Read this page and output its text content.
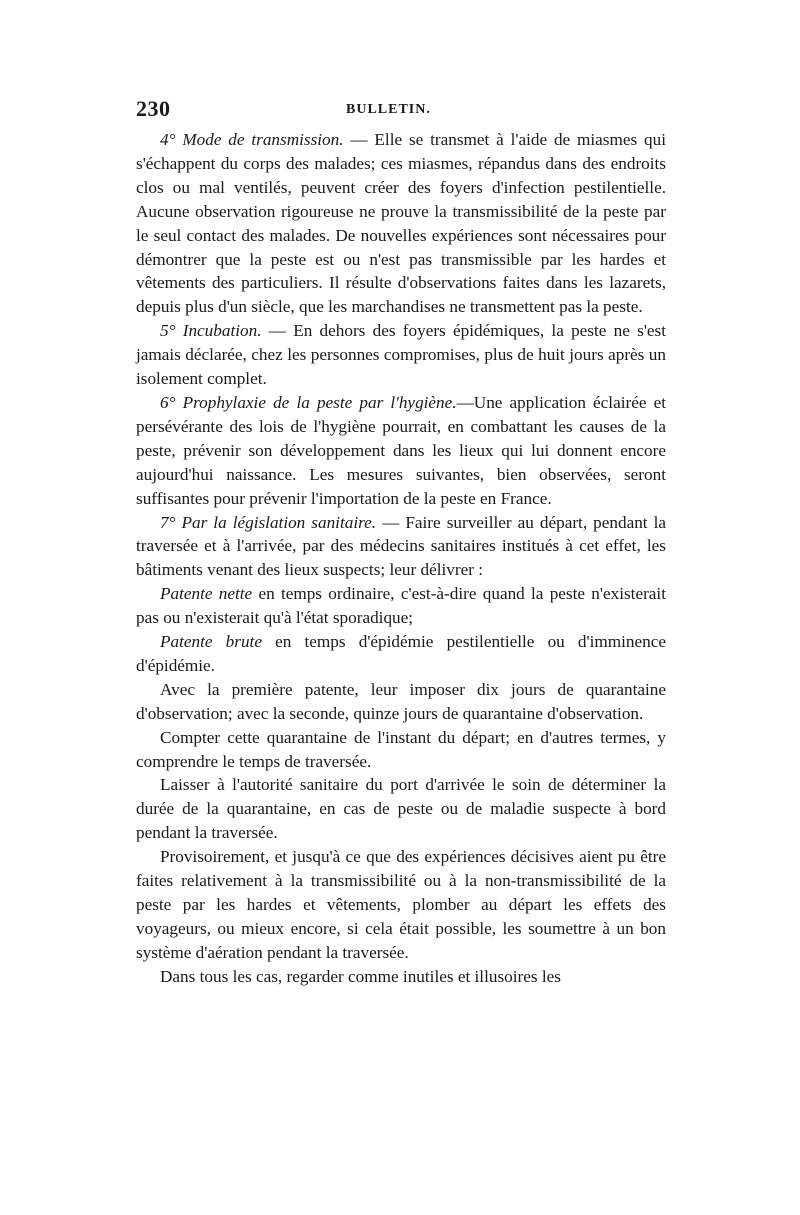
230	BULLETIN.

4° Mode de transmission. — Elle se transmet à l'aide de miasmes qui s'échappent du corps des malades; ces miasmes, répandus dans des endroits clos ou mal ventilés, peuvent créer des foyers d'infection pestilentielle. Aucune observation rigoureuse ne prouve la transmissibilité de la peste par le seul contact des malades. De nouvelles expériences sont nécessaires pour démontrer que la peste est ou n'est pas transmissible par les hardes et vêtements des particuliers. Il résulte d'observations faites dans les lazarets, depuis plus d'un siècle, que les marchandises ne transmettent pas la peste.

5° Incubation. — En dehors des foyers épidémiques, la peste ne s'est jamais déclarée, chez les personnes compromises, plus de huit jours après un isolement complet.

6° Prophylaxie de la peste par l'hygiène.—Une application éclairée et persévérante des lois de l'hygiène pourrait, en combattant les causes de la peste, prévenir son développement dans les lieux qui lui donnent encore aujourd'hui naissance. Les mesures suivantes, bien observées, seront suffisantes pour prévenir l'importation de la peste en France.

7° Par la législation sanitaire. — Faire surveiller au départ, pendant la traversée et à l'arrivée, par des médecins sanitaires institués à cet effet, les bâtiments venant des lieux suspects; leur délivrer :

Patente nette en temps ordinaire, c'est-à-dire quand la peste n'existerait pas ou n'existerait qu'à l'état sporadique;

Patente brute en temps d'épidémie pestilentielle ou d'imminence d'épidémie.

Avec la première patente, leur imposer dix jours de quarantaine d'observation; avec la seconde, quinze jours de quarantaine d'observation.

Compter cette quarantaine de l'instant du départ; en d'autres termes, y comprendre le temps de traversée.

Laisser à l'autorité sanitaire du port d'arrivée le soin de déterminer la durée de la quarantaine, en cas de peste ou de maladie suspecte à bord pendant la traversée.

Provisoirement, et jusqu'à ce que des expériences décisives aient pu être faites relativement à la transmissibilité ou à la non-transmissibilité de la peste par les hardes et vêtements, plomber au départ les effets des voyageurs, ou mieux encore, si cela était possible, les soumettre à un bon système d'aération pendant la traversée.

Dans tous les cas, regarder comme inutiles et illusoires les
